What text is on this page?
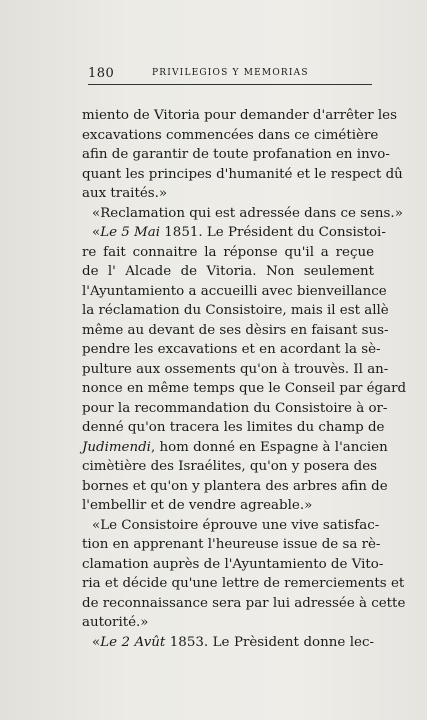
180	PRIVILEGIOS Y MEMORIAS
miento de Vitoria pour demander d'arrêter les
excavations commencées dans ce cimétière
afin de garantir de toute profanation en invo-
quant les principes d'humanité et le respect dû
aux traités.»
«Reclamation qui est adressée dans ce sens.»
«Le 5 Mai 1851. Le Président du Consistoi-
re fait connaitre la réponse qu'il a reçue
de l' Alcade de Vitoria. Non seulement
l'Ayuntamiento a accueilli avec bienveillance
la réclamation du Consistoire, mais il est allè
même au devant de ses dèsirs en faisant sus-
pendre les excavations et en acordant la sè-
pulture aux ossements qu'on à trouvès. Il an-
nonce en même temps que le Conseil par égard
pour la recommandation du Consistoire à or-
denné qu'on tracera les limites du champ de
Judimendi, hom donné en Espagne à l'ancien
cimètière des Israélites, qu'on y posera des
bornes et qu'on y plantera des arbres afin de
l'embellir et de vendre agreable.»
«Le Consistoire éprouve une vive satisfac-
tion en apprenant l'heureuse issue de sa rè-
clamation auprès de l'Ayuntamiento de Vito-
ria et décide qu'une lettre de remerciements et
de reconnaissance sera par lui adressée à cette
autorité.»
«Le 2 Avût 1853. Le Prèsident donne lec-
